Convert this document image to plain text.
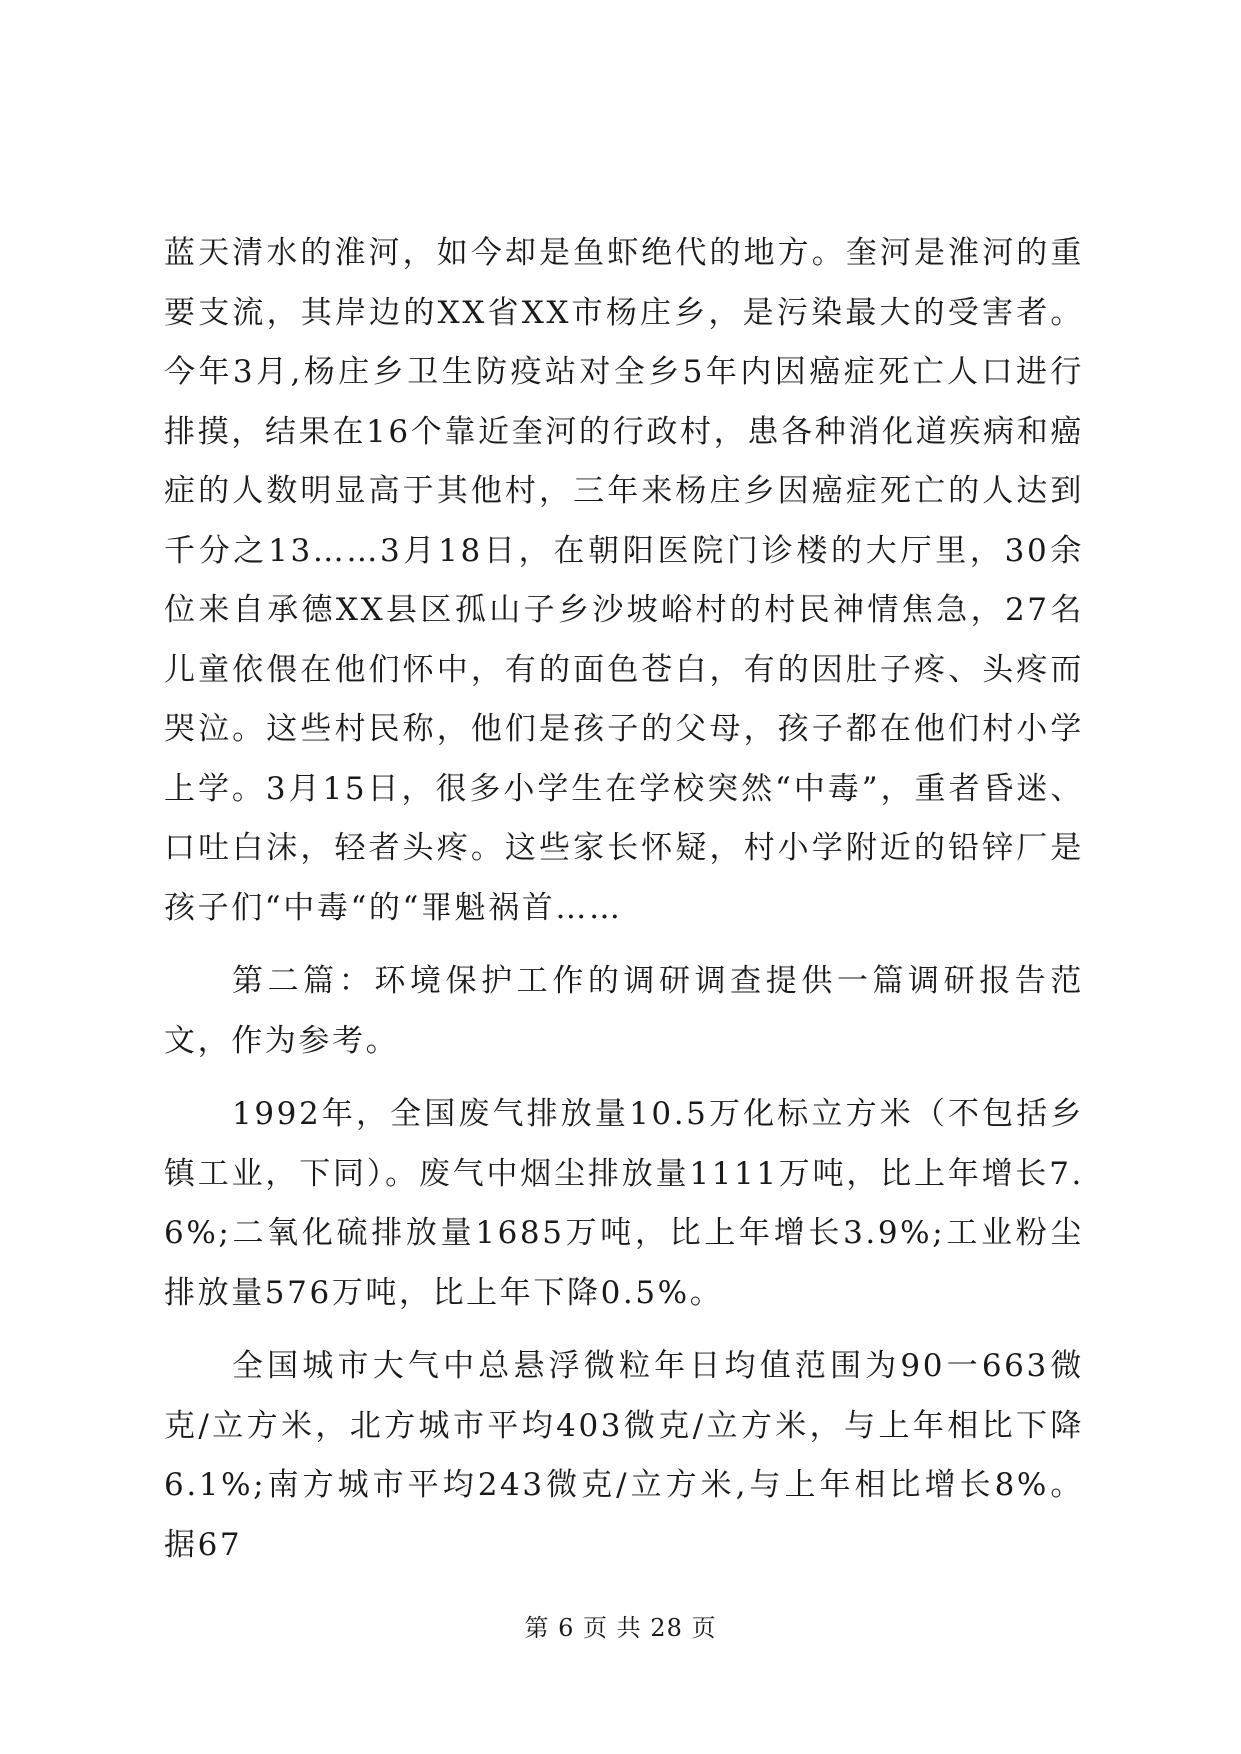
蓝天清水的淮河，如今却是鱼虾绝代的地方。奎河是淮河的重要支流，其岸边的XX省XX市杨庄乡，是污染最大的受害者。今年3月,杨庄乡卫生防疫站对全乡5年内因癌症死亡人口进行排摸，结果在16个靠近奎河的行政村，患各种消化道疾病和癌症的人数明显高于其他村，三年来杨庄乡因癌症死亡的人达到千分之13……3月18日，在朝阳医院门诊楼的大厅里，30余位来自承德XX县区孤山子乡沙坡峪村的村民神情焦急，27名儿童依偎在他们怀中，有的面色苍白，有的因肚子疼、头疼而哭泣。这些村民称，他们是孩子的父母，孩子都在他们村小学上学。3月15日，很多小学生在学校突然“中毒”，重者昏迷、口吐白沫，轻者头疼。这些家长怀疑，村小学附近的铅锌厂是孩子们“中毒“的“罪魁祸首……

第二篇：环境保护工作的调研调查提供一篇调研报告范文，作为参考。

1992年，全国废气排放量10.5万化标立方米（不包括乡镇工业，下同）。废气中烟尘排放量1111万吨，比上年增长7.6%;二氧化硫排放量1685万吨，比上年增长3.9%;工业粉尘排放量576万吨，比上年下降0.5%。

全国城市大气中总悬浮微粒年日均值范围为90一663微克/立方米，北方城市平均403微克/立方米，与上年相比下降6.1%;南方城市平均243微克/立方米,与上年相比增长8%。据67

第 6 页 共 28 页
